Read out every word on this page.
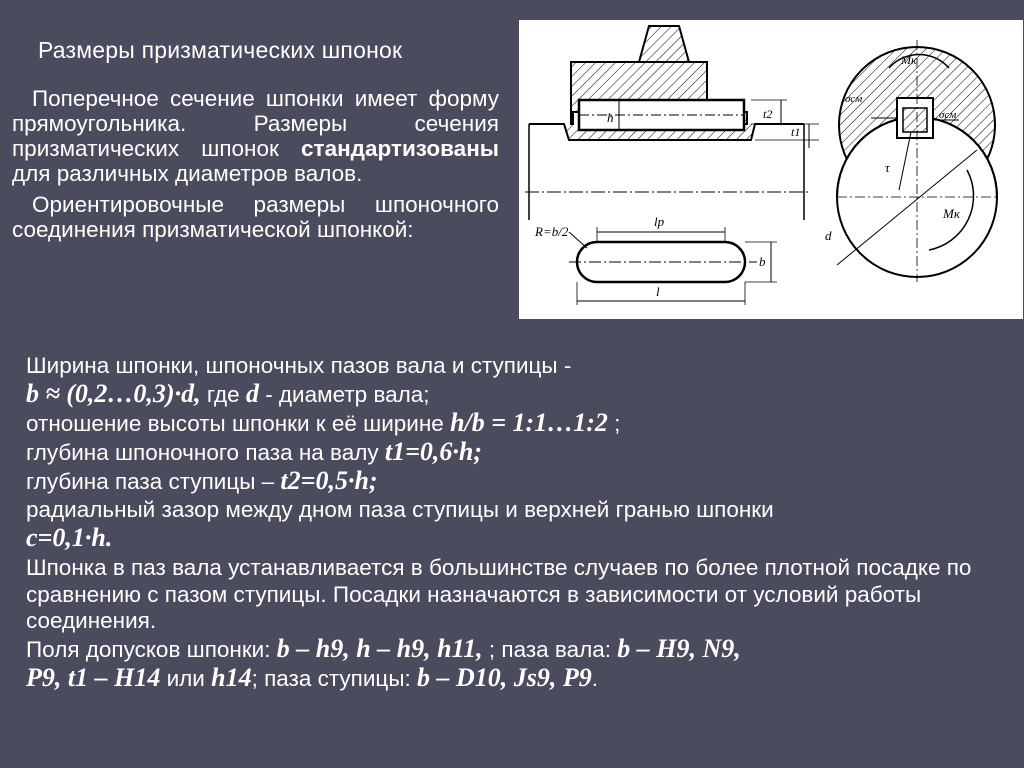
Размеры призматических шпонок

Поперечное сечение шпонки имеет форму прямоугольника. Размеры сечения призматических шпонок стандартизованы для различных диаметров валов.

Ориентировочные размеры шпоночного соединения призматической шпонкой:

h	t2
t1
lp
l
b
R=b/2
Mк
σсм
σсм
τ
Mк
d
Ширина шпонки, шпоночных пазов вала и ступицы -
b ≈ (0,2…0,3)·d, где d - диаметр вала;
отношение высоты шпонки к её ширине h/b = 1:1…1:2 ;
глубина шпоночного паза на валу t1=0,6·h;
глубина паза ступицы – t2=0,5·h;
радиальный зазор между дном паза ступицы и верхней гранью шпонки
c=0,1·h.
Шпонка в паз вала устанавливается в большинстве случаев по более плотной посадке по сравнению с пазом ступицы. Посадки назначаются в зависимости от условий работы соединения.
Поля допусков шпонки: b – h9, h – h9, h11, ; паза вала: b – H9, N9,
P9, t1 – H14 или h14; паза ступицы: b – D10, Js9, P9.
